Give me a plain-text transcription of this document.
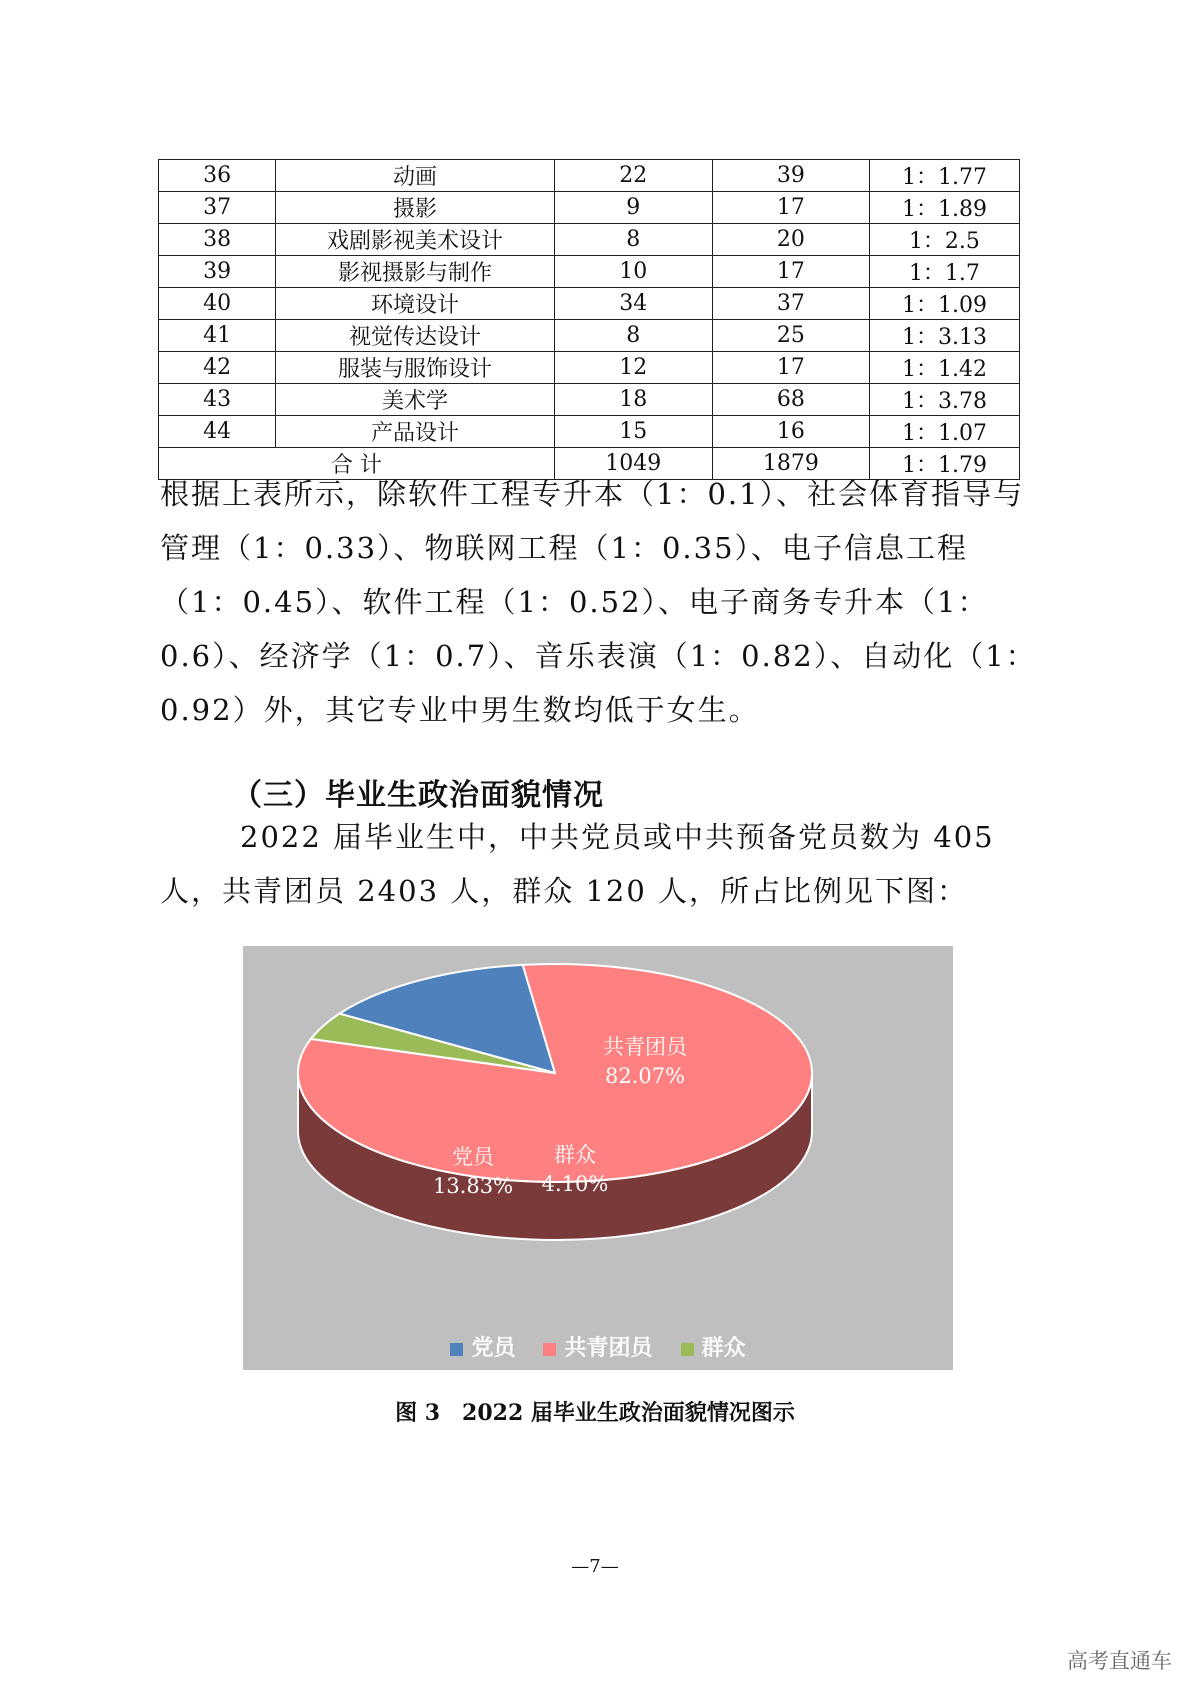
36	动画	22	39	1：1.77
37	摄影	9	17	1：1.89
38	戏剧影视美术设计	8	20	1：2.5
39	影视摄影与制作	10	17	1：1.7
40	环境设计	34	37	1：1.09
41	视觉传达设计	8	25	1：3.13
42	服装与服饰设计	12	17	1：1.42
43	美术学	18	68	1：3.78
44	产品设计	15	16	1：1.07
合 计		1049	1879	1：1.79

根据上表所示，除软件工程专升本（1：0.1）、社会体育指导与管理（1：0.33）、物联网工程（1：0.35）、电子信息工程（1：0.45）、软件工程（1：0.52）、电子商务专升本（1：0.6）、经济学（1：0.7）、音乐表演（1：0.82）、自动化（1：0.92）外，其它专业中男生数均低于女生。

（三）毕业生政治面貌情况

2022 届毕业生中，中共党员或中共预备党员数为 405 人，共青团员 2403 人，群众 120 人，所占比例见下图：

党员
13.83%
共青团员
82.07%
群众
4.10%
党员 共青团员 群众

图 3　2022 届毕业生政治面貌情况图示

—7—

高考直通车
